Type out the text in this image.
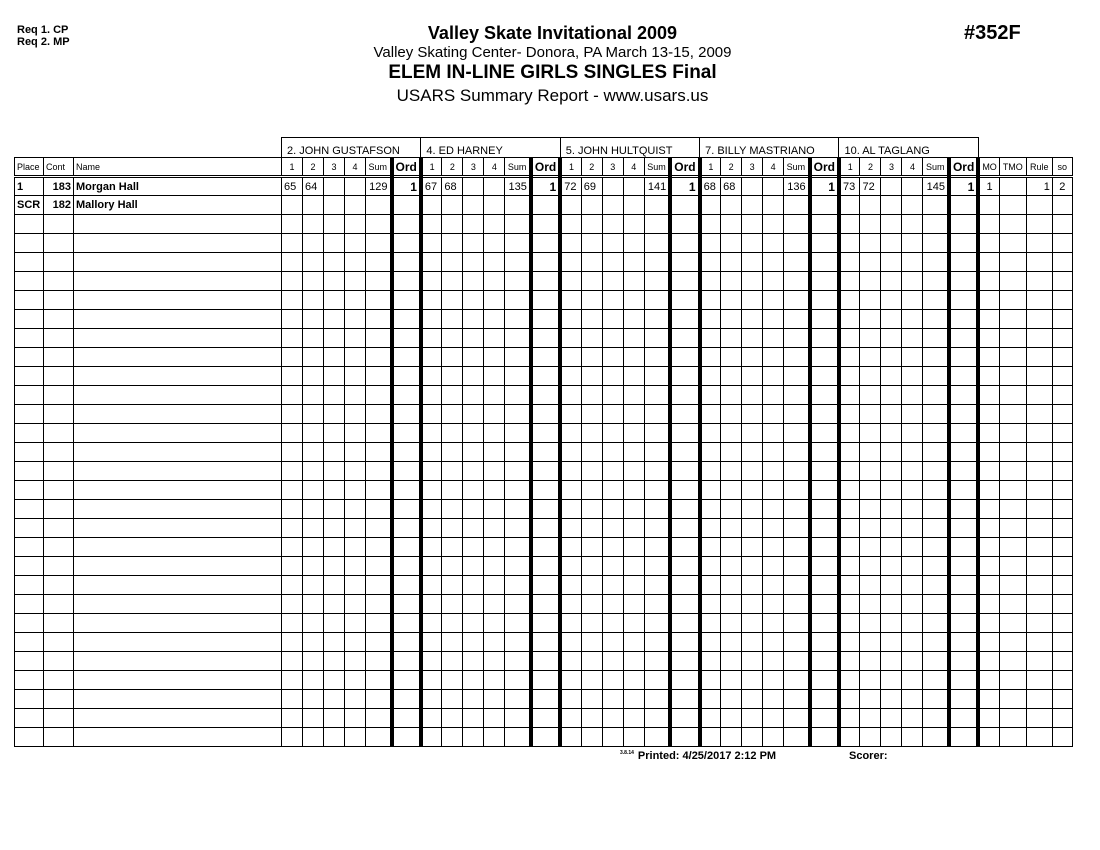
Req 1. CP
Req 2. MP	Valley Skate Invitational 2009
Valley Skating Center- Donora, PA March 13-15, 2009
ELEM IN-LINE GIRLS SINGLES Final
USARS Summary Report - www.usars.us
#352F
			2. JOHN GUSTAFSON						4. ED HARNEY						5. JOHN HULTQUIST						7. BILLY MASTRIANO						10. AL TAGLANG									
Place	Cont	Name	1	2	3	4	Sum	Ord	1	2	3	4	Sum	Ord	1	2	3	4	Sum	Ord	1	2	3	4	Sum	Ord	1	2	3	4	Sum	Ord	MO	TMO	Rule	so
1	183	Morgan Hall	65	64			129	1	67	68			135	1	72	69			141	1	68	68			136	1	73	72			145	1	1		1	2
SCR	182	Mallory Hall																																		

$^{3.8.14}$ Printed: 4/25/2017 2:12 PM	Scorer:
